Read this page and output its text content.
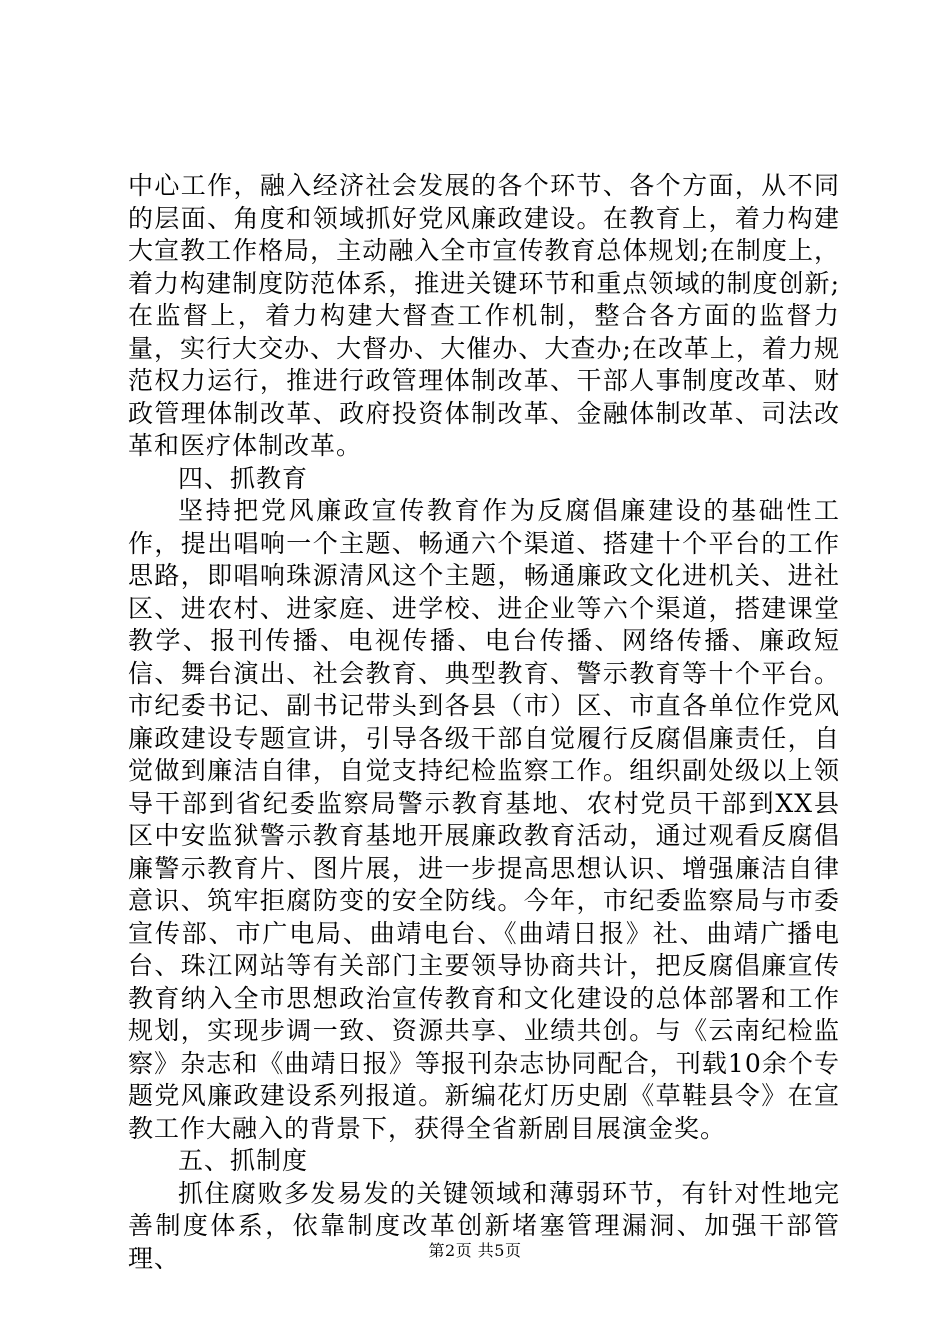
中心工作，融入经济社会发展的各个环节、各个方面，从不同的层面、角度和领域抓好党风廉政建设。在教育上，着力构建大宣教工作格局，主动融入全市宣传教育总体规划;在制度上，着力构建制度防范体系，推进关键环节和重点领域的制度创新;在监督上，着力构建大督查工作机制，整合各方面的监督力量，实行大交办、大督办、大催办、大查办;在改革上，着力规范权力运行，推进行政管理体制改革、干部人事制度改革、财政管理体制改革、政府投资体制改革、金融体制改革、司法改革和医疗体制改革。

四、抓教育

坚持把党风廉政宣传教育作为反腐倡廉建设的基础性工作，提出唱响一个主题、畅通六个渠道、搭建十个平台的工作思路，即唱响珠源清风这个主题，畅通廉政文化进机关、进社区、进农村、进家庭、进学校、进企业等六个渠道，搭建课堂教学、报刊传播、电视传播、电台传播、网络传播、廉政短信、舞台演出、社会教育、典型教育、警示教育等十个平台。市纪委书记、副书记带头到各县（市）区、市直各单位作党风廉政建设专题宣讲，引导各级干部自觉履行反腐倡廉责任，自觉做到廉洁自律，自觉支持纪检监察工作。组织副处级以上领导干部到省纪委监察局警示教育基地、农村党员干部到XX县区中安监狱警示教育基地开展廉政教育活动，通过观看反腐倡廉警示教育片、图片展，进一步提高思想认识、增强廉洁自律意识、筑牢拒腐防变的安全防线。今年，市纪委监察局与市委宣传部、市广电局、曲靖电台、《曲靖日报》社、曲靖广播电台、珠江网站等有关部门主要领导协商共计，把反腐倡廉宣传教育纳入全市思想政治宣传教育和文化建设的总体部署和工作规划，实现步调一致、资源共享、业绩共创。与《云南纪检监察》杂志和《曲靖日报》等报刊杂志协同配合，刊载10余个专题党风廉政建设系列报道。新编花灯历史剧《草鞋县令》在宣教工作大融入的背景下，获得全省新剧目展演金奖。

五、抓制度

抓住腐败多发易发的关键领域和薄弱环节，有针对性地完善制度体系，依靠制度改革创新堵塞管理漏洞、加强干部管理、	第2页 共5页
